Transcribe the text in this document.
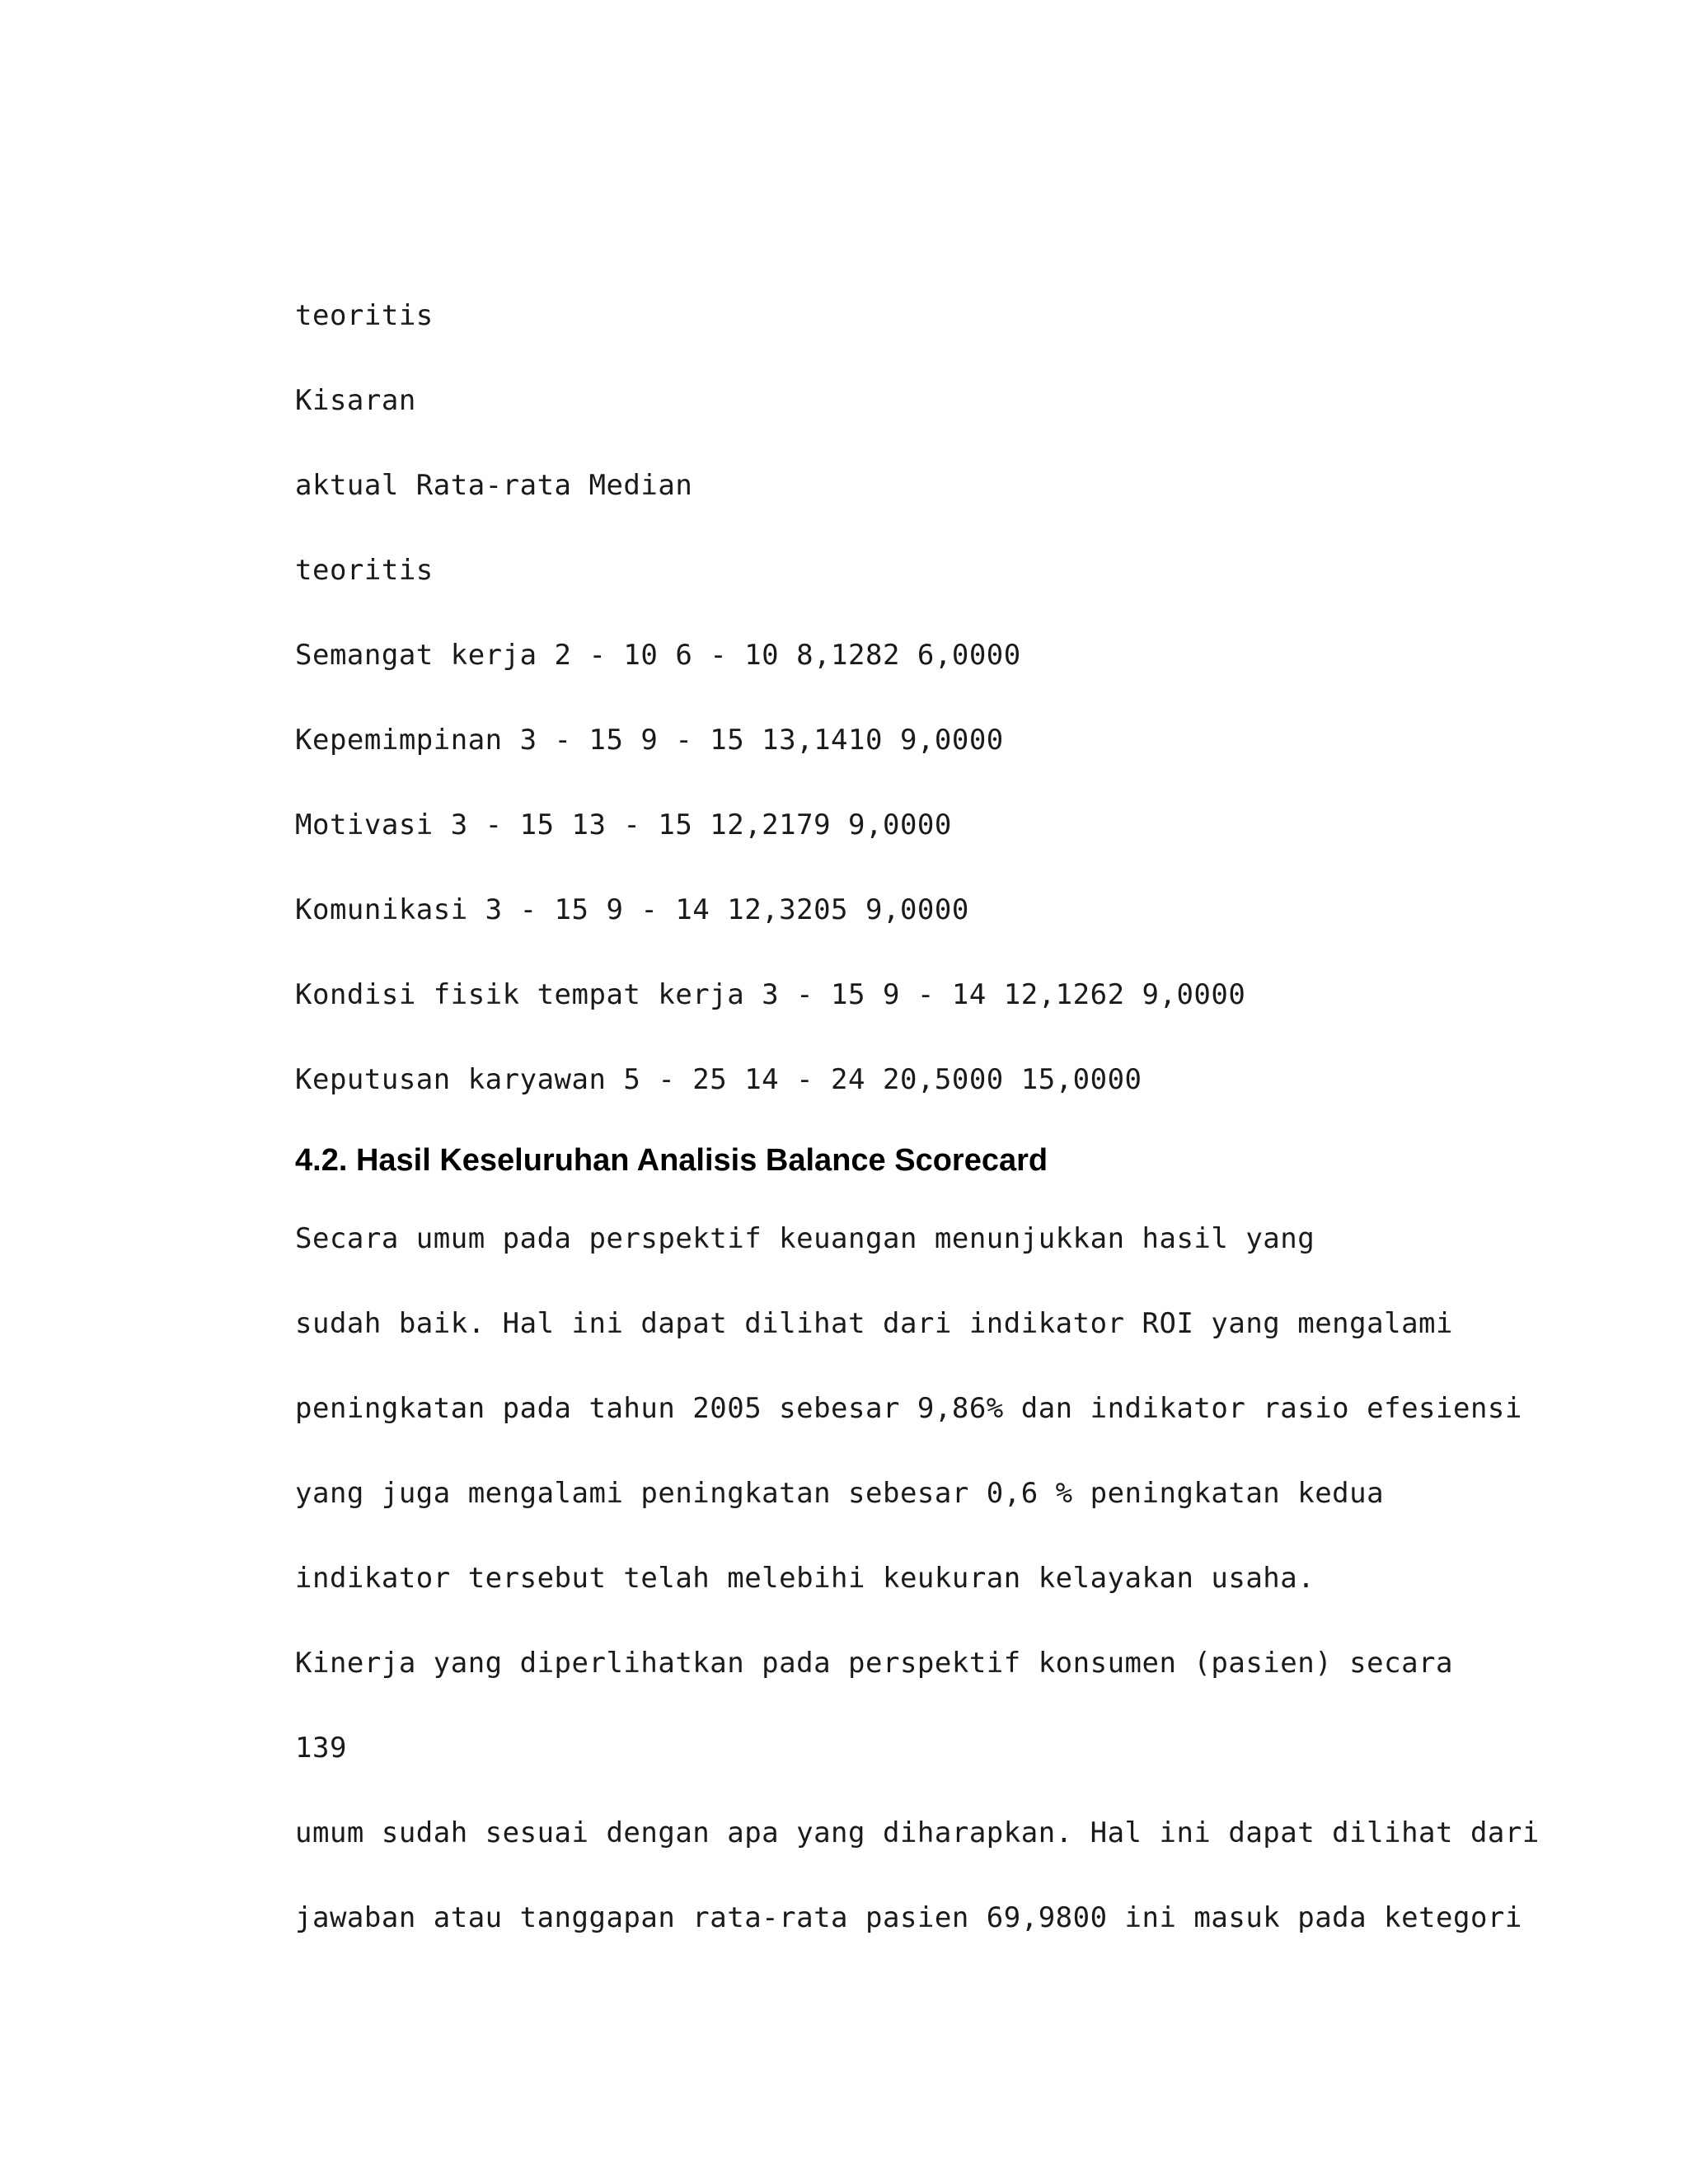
teoritis
Kisaran
aktual Rata-rata Median
teoritis
Semangat kerja 2 - 10 6 - 10 8,1282 6,0000
Kepemimpinan 3 - 15 9 - 15 13,1410 9,0000
Motivasi 3 - 15 13 - 15 12,2179 9,0000
Komunikasi 3 - 15 9 - 14 12,3205 9,0000
Kondisi fisik tempat kerja 3 - 15 9 - 14 12,1262 9,0000
Keputusan karyawan 5 - 25 14 - 24 20,5000 15,0000
4.2. Hasil Keseluruhan Analisis Balance Scorecard
Secara umum pada perspektif keuangan menunjukkan hasil yang
sudah baik. Hal ini dapat dilihat dari indikator ROI yang mengalami
peningkatan pada tahun 2005 sebesar 9,86% dan indikator rasio efesiensi
yang juga mengalami peningkatan sebesar 0,6 % peningkatan kedua
indikator tersebut telah melebihi keukuran kelayakan usaha.
Kinerja yang diperlihatkan pada perspektif konsumen (pasien) secara
139
umum sudah sesuai dengan apa yang diharapkan. Hal ini dapat dilihat dari
jawaban atau tanggapan rata-rata pasien 69,9800 ini masuk pada ketegori
